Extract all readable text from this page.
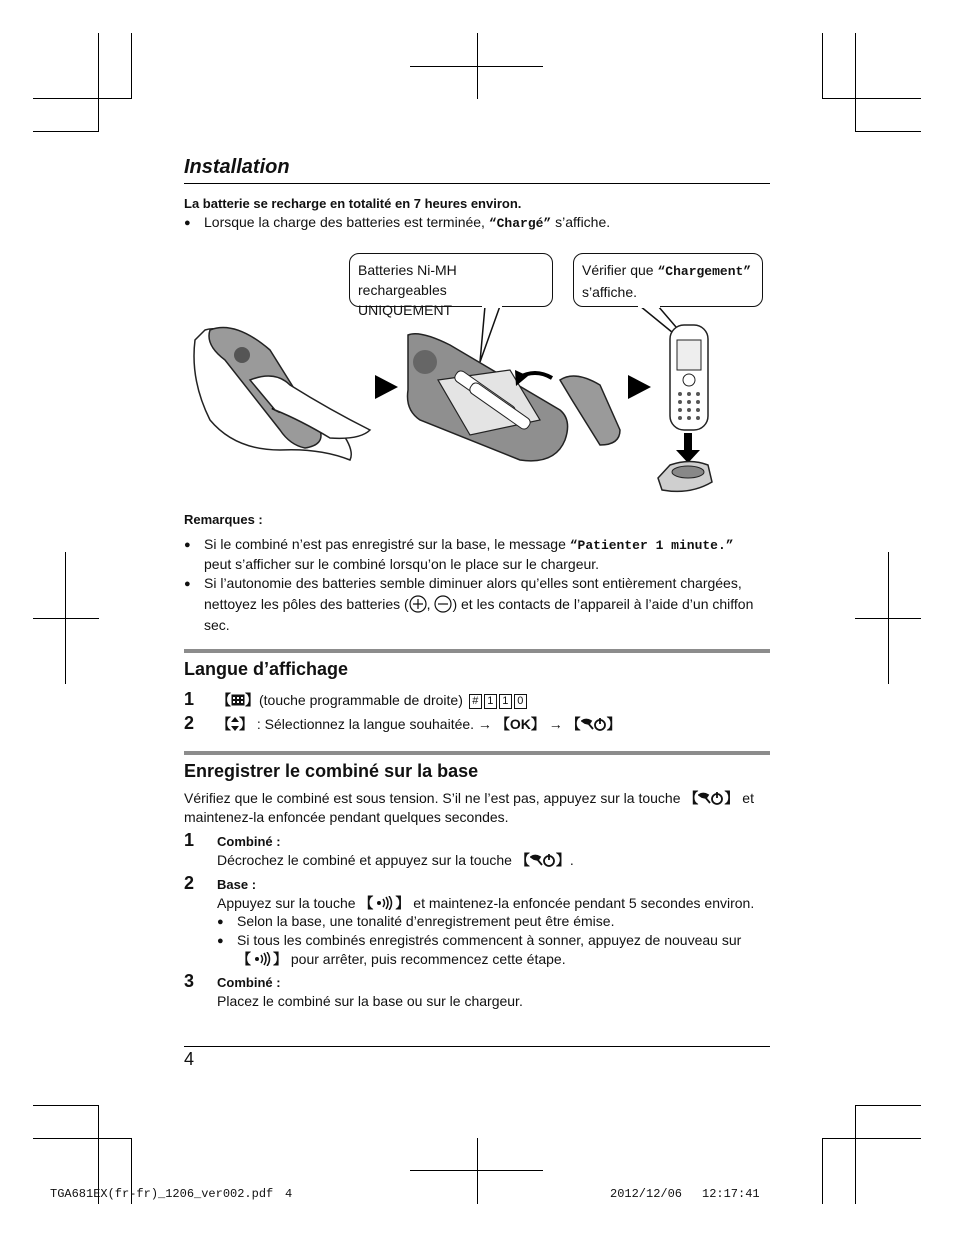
Installation
La batterie se recharge en totalité en 7 heures environ.
● Lorsque la charge des batteries est terminée, “Chargé” s’affiche.
Batteries Ni-MH rechargeables
UNIQUEMENT
Vérifier que “Chargement”
s’affiche.
Remarques :
● Si le combiné n’est pas enregistré sur la base, le message “Patienter 1 minute.”
peut s’afficher sur le combiné lorsqu’on le place sur le chargeur.
● Si l’autonomie des batteries semble diminuer alors qu’elles sont entièrement chargées,
nettoyez les pôles des batteries ( , ) et les contacts de l’appareil à l’aide d’un chiffon
sec.
Langue d’affichage
1 【 】(touche programmable de droite) # 1 1 0
2 【 】 : Sélectionnez la langue souhaitée. → 【OK】 → 【 】
Enregistrer le combiné sur la base
Vérifiez que le combiné est sous tension. S’il ne l’est pas, appuyez sur la touche 【 】 et
maintenez-la enfoncée pendant quelques secondes.
1 Combiné :
Décrochez le combiné et appuyez sur la touche 【 】.
2 Base :
Appuyez sur la touche 【 】 et maintenez-la enfoncée pendant 5 secondes environ.
● Selon la base, une tonalité d’enregistrement peut être émise.
● Si tous les combinés enregistrés commencent à sonner, appuyez de nouveau sur
【 】 pour arrêter, puis recommencez cette étape.
3 Combiné :
Placez le combiné sur la base ou sur le chargeur.
4
TGA681EX(fr-fr)_1206_ver002.pdf 4	2012/12/06 12:17:41
